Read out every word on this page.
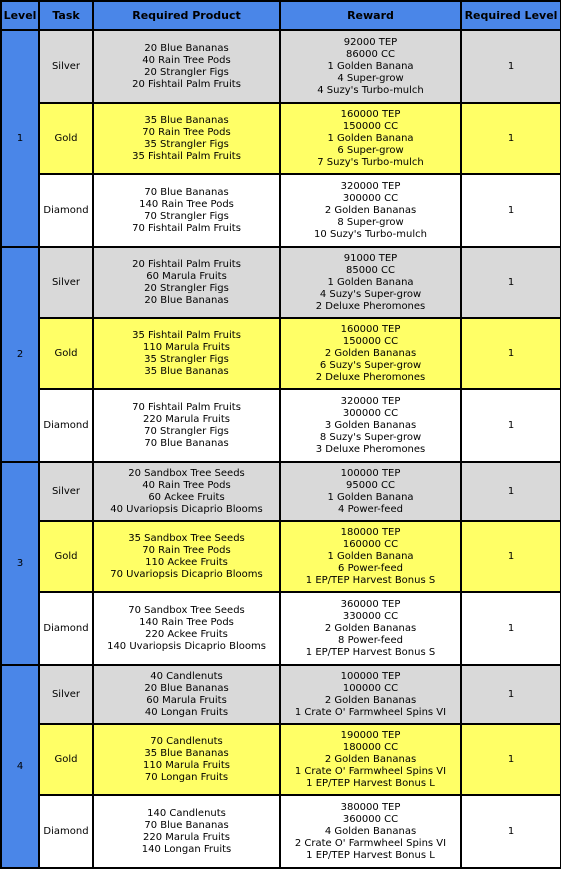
Level	Task	Required Product	Reward	Required Level
1	Silver	20 Blue Bananas
40 Rain Tree Pods
20 Strangler Figs
20 Fishtail Palm Fruits	92000 TEP
86000 CC
1 Golden Banana
4 Super-grow
4 Suzy's Turbo-mulch	1
	Gold	35 Blue Bananas
70 Rain Tree Pods
35 Strangler Figs
35 Fishtail Palm Fruits	160000 TEP
150000 CC
1 Golden Banana
6 Super-grow
7 Suzy's Turbo-mulch	1
	Diamond	70 Blue Bananas
140 Rain Tree Pods
70 Strangler Figs
70 Fishtail Palm Fruits	320000 TEP
300000 CC
2 Golden Bananas
8 Super-grow
10 Suzy's Turbo-mulch	1
2	Silver	20 Fishtail Palm Fruits
60 Marula Fruits
20 Strangler Figs
20 Blue Bananas	91000 TEP
85000 CC
1 Golden Banana
4 Suzy's Super-grow
2 Deluxe Pheromones	1
	Gold	35 Fishtail Palm Fruits
110 Marula Fruits
35 Strangler Figs
35 Blue Bananas	160000 TEP
150000 CC
2 Golden Bananas
6 Suzy's Super-grow
2 Deluxe Pheromones	1
	Diamond	70 Fishtail Palm Fruits
220 Marula Fruits
70 Strangler Figs
70 Blue Bananas	320000 TEP
300000 CC
3 Golden Bananas
8 Suzy's Super-grow
3 Deluxe Pheromones	1
3	Silver	20 Sandbox Tree Seeds
40 Rain Tree Pods
60 Ackee Fruits
40 Uvariopsis Dicaprio Blooms	100000 TEP
95000 CC
1 Golden Banana
4 Power-feed	1
	Gold	35 Sandbox Tree Seeds
70 Rain Tree Pods
110 Ackee Fruits
70 Uvariopsis Dicaprio Blooms	180000 TEP
160000 CC
1 Golden Banana
6 Power-feed
1 EP/TEP Harvest Bonus S	1
	Diamond	70 Sandbox Tree Seeds
140 Rain Tree Pods
220 Ackee Fruits
140 Uvariopsis Dicaprio Blooms	360000 TEP
330000 CC
2 Golden Bananas
8 Power-feed
1 EP/TEP Harvest Bonus S	1
4	Silver	40 Candlenuts
20 Blue Bananas
60 Marula Fruits
40 Longan Fruits	100000 TEP
100000 CC
2 Golden Bananas
1 Crate O' Farmwheel Spins VI	1
	Gold	70 Candlenuts
35 Blue Bananas
110 Marula Fruits
70 Longan Fruits	190000 TEP
180000 CC
2 Golden Bananas
1 Crate O' Farmwheel Spins VI
1 EP/TEP Harvest Bonus L	1
	Diamond	140 Candlenuts
70 Blue Bananas
220 Marula Fruits
140 Longan Fruits	380000 TEP
360000 CC
4 Golden Bananas
2 Crate O' Farmwheel Spins VI
1 EP/TEP Harvest Bonus L	1
